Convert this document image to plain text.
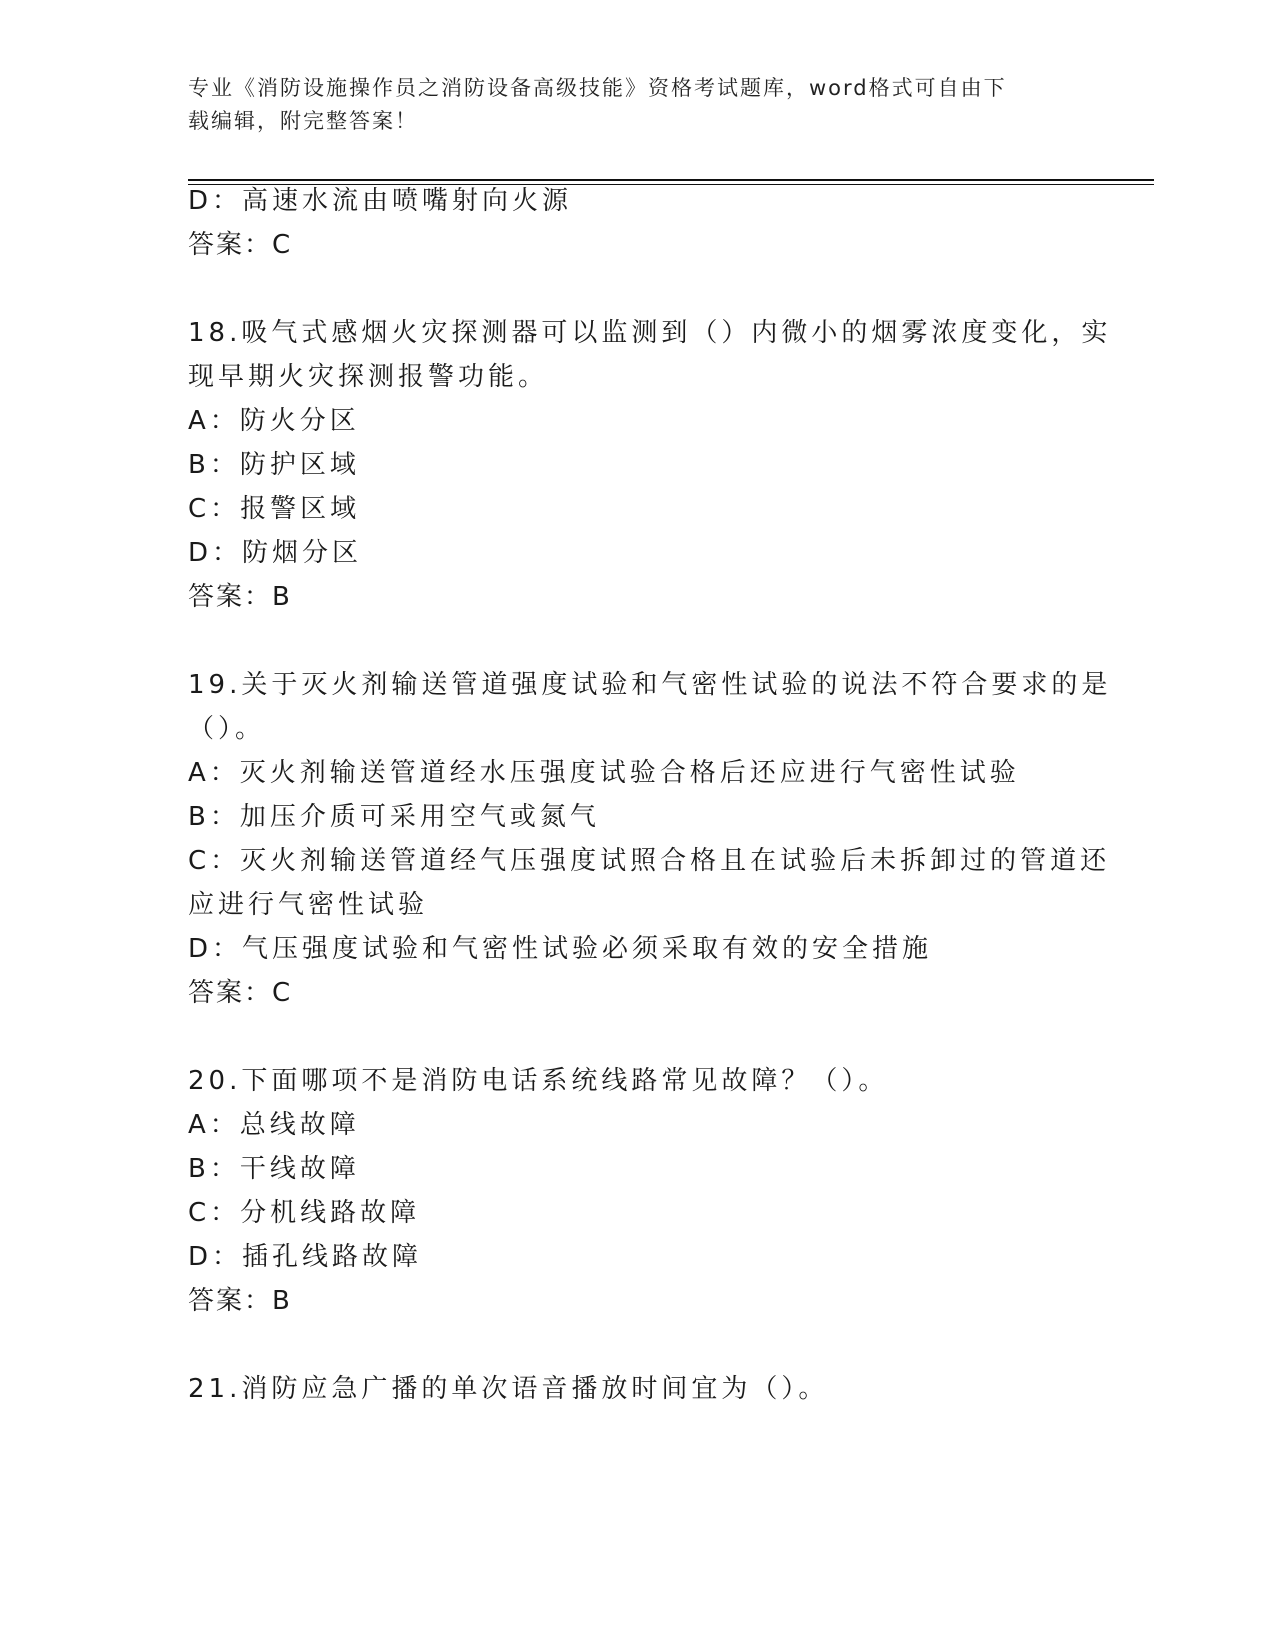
专业《消防设施操作员之消防设备高级技能》资格考试题库，word格式可自由下
载编辑，附完整答案！
D：高速水流由喷嘴射向火源
答案：C
18.吸气式感烟火灾探测器可以监测到（）内微小的烟雾浓度变化，实
现早期火灾探测报警功能。
A：防火分区
B：防护区域
C：报警区域
D：防烟分区
答案：B
19.关于灭火剂输送管道强度试验和气密性试验的说法不符合要求的是
（）。
A：灭火剂输送管道经水压强度试验合格后还应进行气密性试验
B：加压介质可采用空气或氮气
C：灭火剂输送管道经气压强度试照合格且在试验后未拆卸过的管道还
应进行气密性试验
D：气压强度试验和气密性试验必须采取有效的安全措施
答案：C
20.下面哪项不是消防电话系统线路常见故障？（）。
A：总线故障
B：干线故障
C：分机线路故障
D：插孔线路故障
答案：B
21.消防应急广播的单次语音播放时间宜为（）。
